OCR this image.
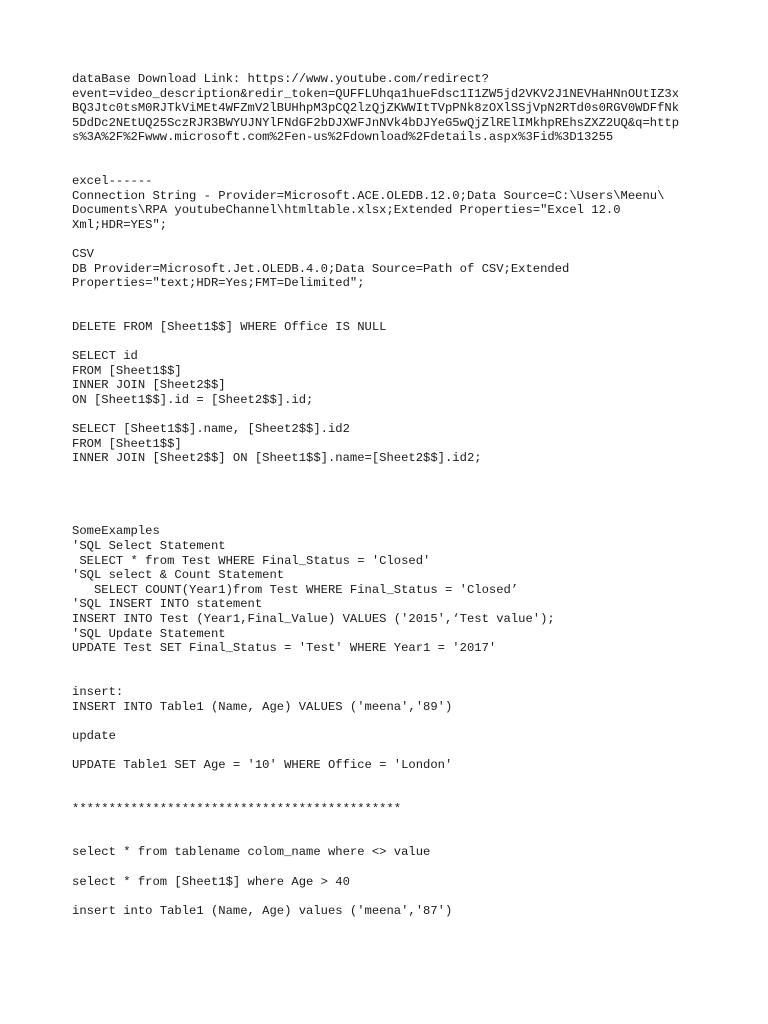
dataBase Download Link: https://www.youtube.com/redirect?
event=video_description&redir_token=QUFFLUhqa1hueFdsc1I1ZW5jd2VKV2J1NEVHaHNnOUtIZ3x
BQ3Jtc0tsM0RJTkViMEt4WFZmV2lBUHhpM3pCQ2lzQjZKWWItTVpPNk8zOXlSSjVpN2RTd0s0RGV0WDFfNk
5DdDc2NEtUQ25SczRJR3BWYUJNYlFNdGF2bDJXWFJnNVk4bDJYeG5wQjZlRElIMkhpREhsZXZ2UQ&q=http
s%3A%2F%2Fwww.microsoft.com%2Fen-us%2Fdownload%2Fdetails.aspx%3Fid%3D13255
excel------
Connection String - Provider=Microsoft.ACE.OLEDB.12.0;Data Source=C:\Users\Meenu\
Documents\RPA youtubeChannel\htmltable.xlsx;Extended Properties="Excel 12.0
Xml;HDR=YES";
CSV
DB Provider=Microsoft.Jet.OLEDB.4.0;Data Source=Path of CSV;Extended
Properties="text;HDR=Yes;FMT=Delimited";
DELETE FROM [Sheet1$$] WHERE Office IS NULL
SELECT id
FROM [Sheet1$$]
INNER JOIN [Sheet2$$]
ON [Sheet1$$].id = [Sheet2$$].id;
SELECT [Sheet1$$].name, [Sheet2$$].id2
FROM [Sheet1$$]
INNER JOIN [Sheet2$$] ON [Sheet1$$].name=[Sheet2$$].id2;
SomeExamples
'SQL Select Statement
SELECT * from Test WHERE Final_Status = 'Closed'
'SQL select & Count Statement
SELECT COUNT(Year1)from Test WHERE Final_Status = 'Closed’
'SQL INSERT INTO statement
INSERT INTO Test (Year1,Final_Value) VALUES ('2015',‘Test value');
'SQL Update Statement
UPDATE Test SET Final_Status = 'Test' WHERE Year1 = '2017'
insert:
INSERT INTO Table1 (Name, Age) VALUES ('meena','89')
update
UPDATE Table1 SET Age = '10' WHERE Office = 'London'
*********************************************
select * from tablename colom_name where <> value
select * from [Sheet1$] where Age > 40
insert into Table1 (Name, Age) values ('meena','87')
